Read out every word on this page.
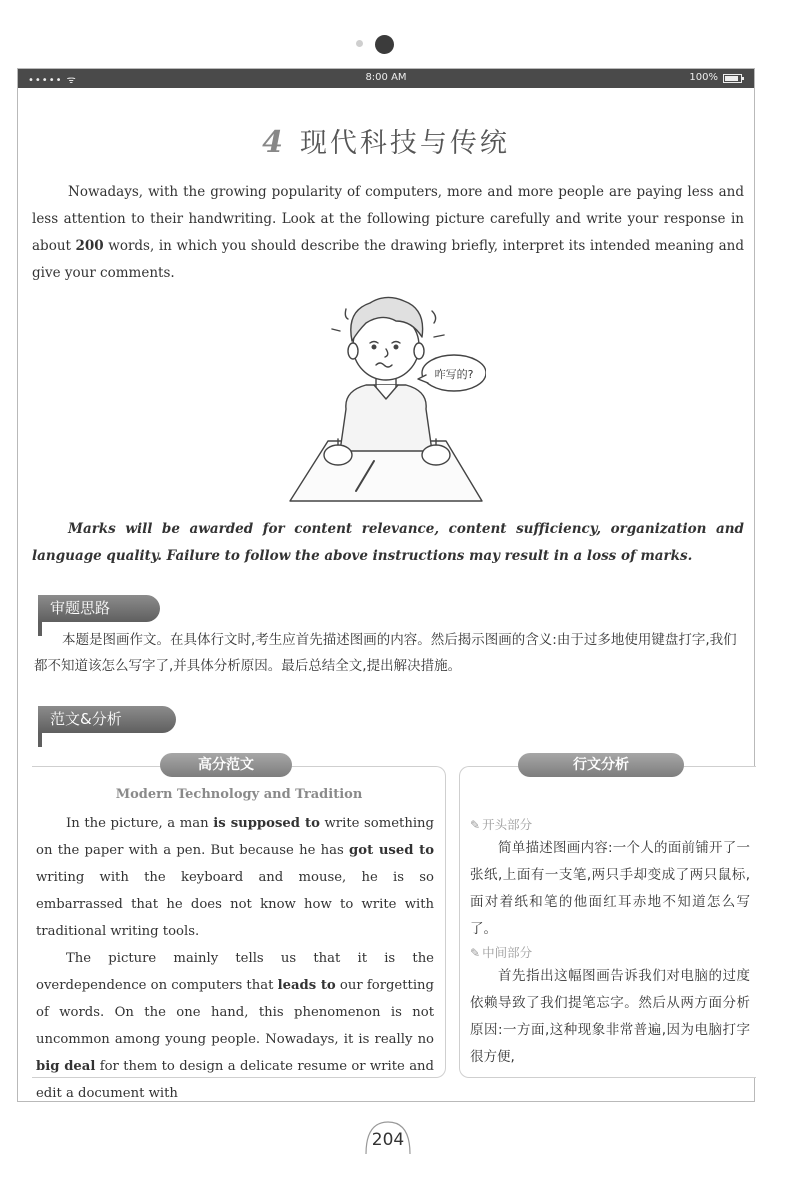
••••• ᯤ	8:00 AM	100%
4 现代科技与传统
Nowadays, with the growing popularity of computers, more and more people are paying less and less attention to their handwriting. Look at the following picture carefully and write your response in about 200 words, in which you should describe the drawing briefly, interpret its intended meaning and give your comments.
咋写的?
Marks will be awarded for content relevance, content sufficiency, organization and language quality. Failure to follow the above instructions may result in a loss of marks.
审题思路
本题是图画作文。在具体行文时,考生应首先描述图画的内容。然后揭示图画的含义:由于过多地使用键盘打字,我们都不知道该怎么写字了,并具体分析原因。最后总结全文,提出解决措施。
范文&分析
高分范文	行文分析
Modern Technology and Tradition

In the picture, a man is supposed to write something on the paper with a pen. But because he has got used to writing with the keyboard and mouse, he is so embarrassed that he does not know how to write with traditional writing tools.

The picture mainly tells us that it is the overdependence on computers that leads to our forgetting of words. On the one hand, this phenomenon is not uncommon among young people. Nowadays, it is really no big deal for them to design a delicate resume or write and edit a document with

✎ 开头部分

简单描述图画内容:一个人的面前铺开了一张纸,上面有一支笔,两只手却变成了两只鼠标,面对着纸和笔的他面红耳赤地不知道怎么写了。

✎ 中间部分

首先指出这幅图画告诉我们对电脑的过度依赖导致了我们提笔忘字。然后从两方面分析原因:一方面,这种现象非常普遍,因为电脑打字很方便,

204
